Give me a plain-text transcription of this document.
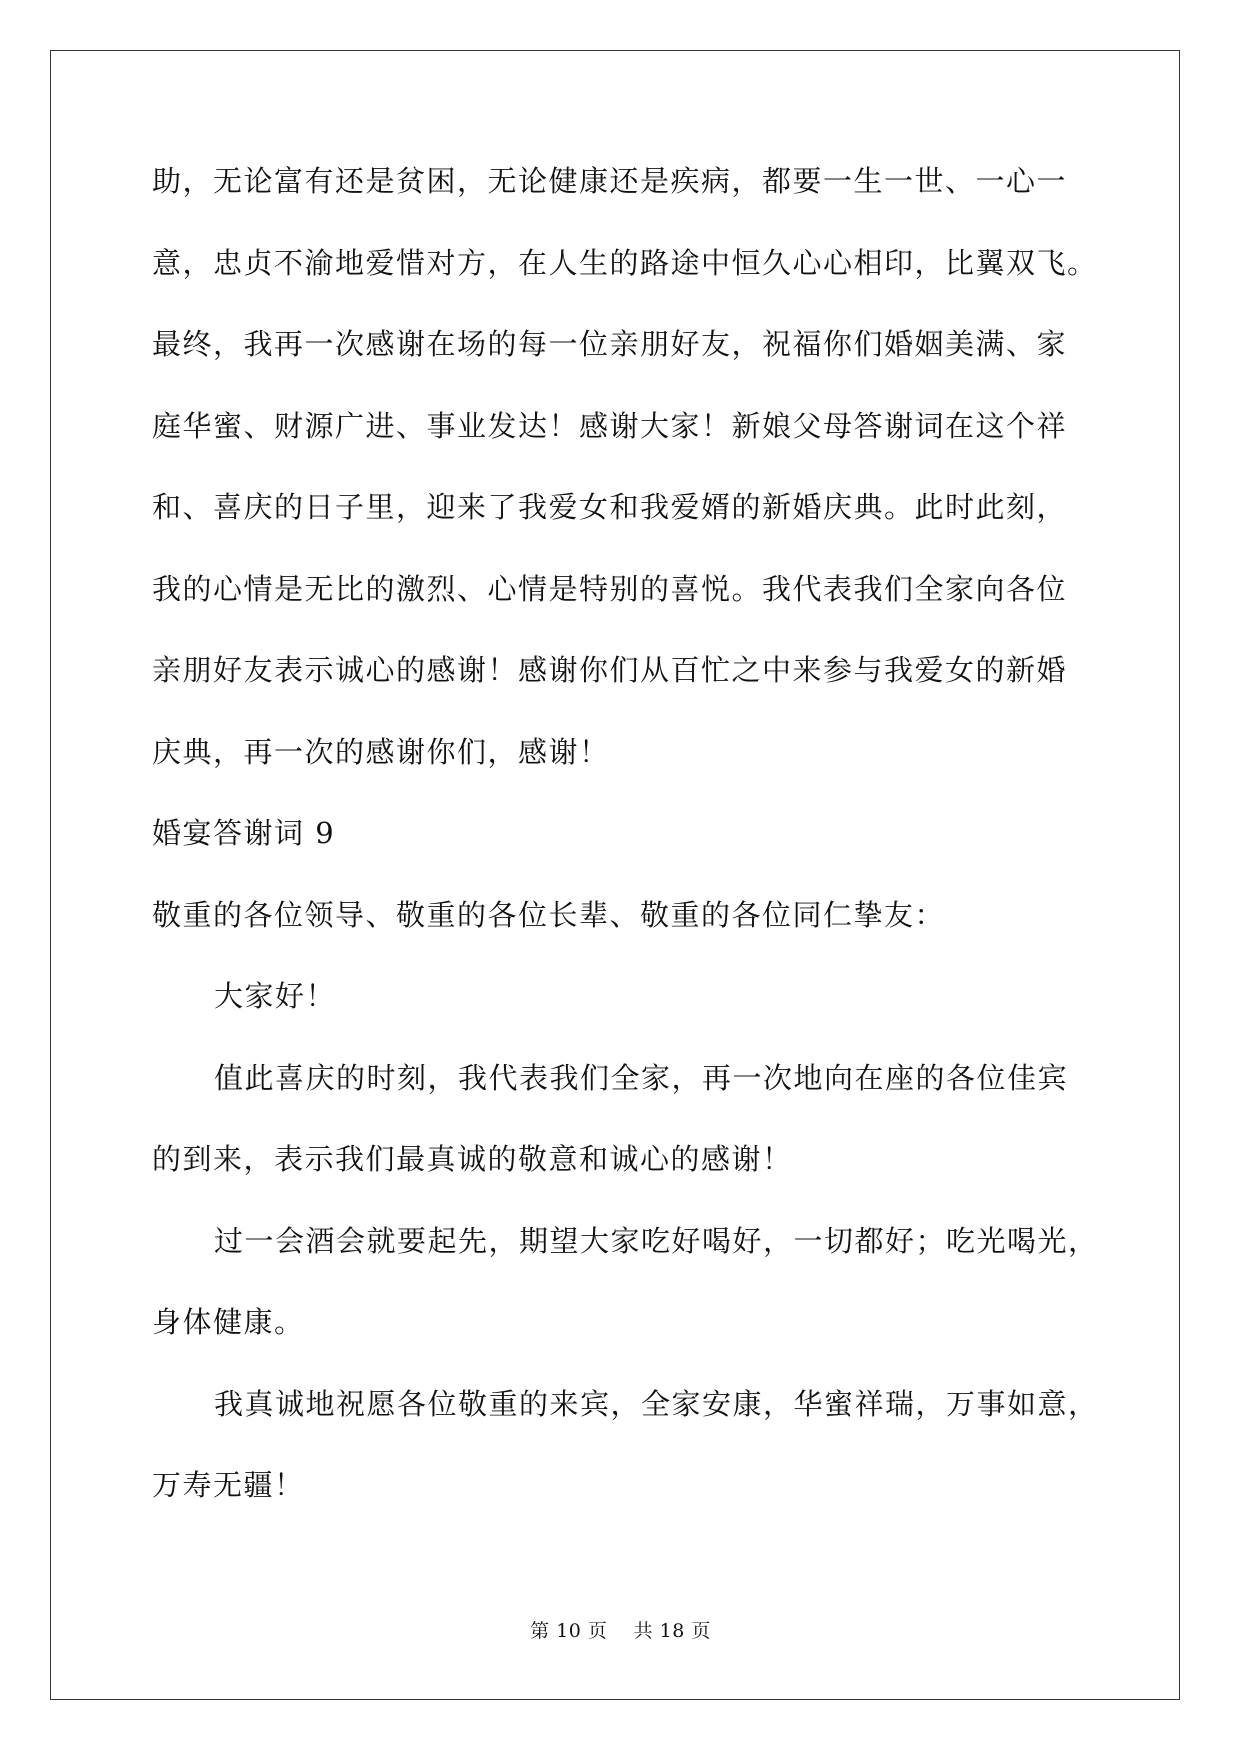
助，无论富有还是贫困，无论健康还是疾病，都要一生一世、一心一
意，忠贞不渝地爱惜对方，在人生的路途中恒久心心相印，比翼双飞。
最终，我再一次感谢在场的每一位亲朋好友，祝福你们婚姻美满、家
庭华蜜、财源广进、事业发达！感谢大家！新娘父母答谢词在这个祥
和、喜庆的日子里，迎来了我爱女和我爱婿的新婚庆典。此时此刻，
我的心情是无比的激烈、心情是特别的喜悦。我代表我们全家向各位
亲朋好友表示诚心的感谢！感谢你们从百忙之中来参与我爱女的新婚
庆典，再一次的感谢你们，感谢！
婚宴答谢词 9
敬重的各位领导、敬重的各位长辈、敬重的各位同仁挚友：
大家好！
值此喜庆的时刻，我代表我们全家，再一次地向在座的各位佳宾
的到来，表示我们最真诚的敬意和诚心的感谢！
过一会酒会就要起先，期望大家吃好喝好，一切都好；吃光喝光，
身体健康。
我真诚地祝愿各位敬重的来宾，全家安康，华蜜祥瑞，万事如意，
万寿无疆！
第 10 页    共 18 页
